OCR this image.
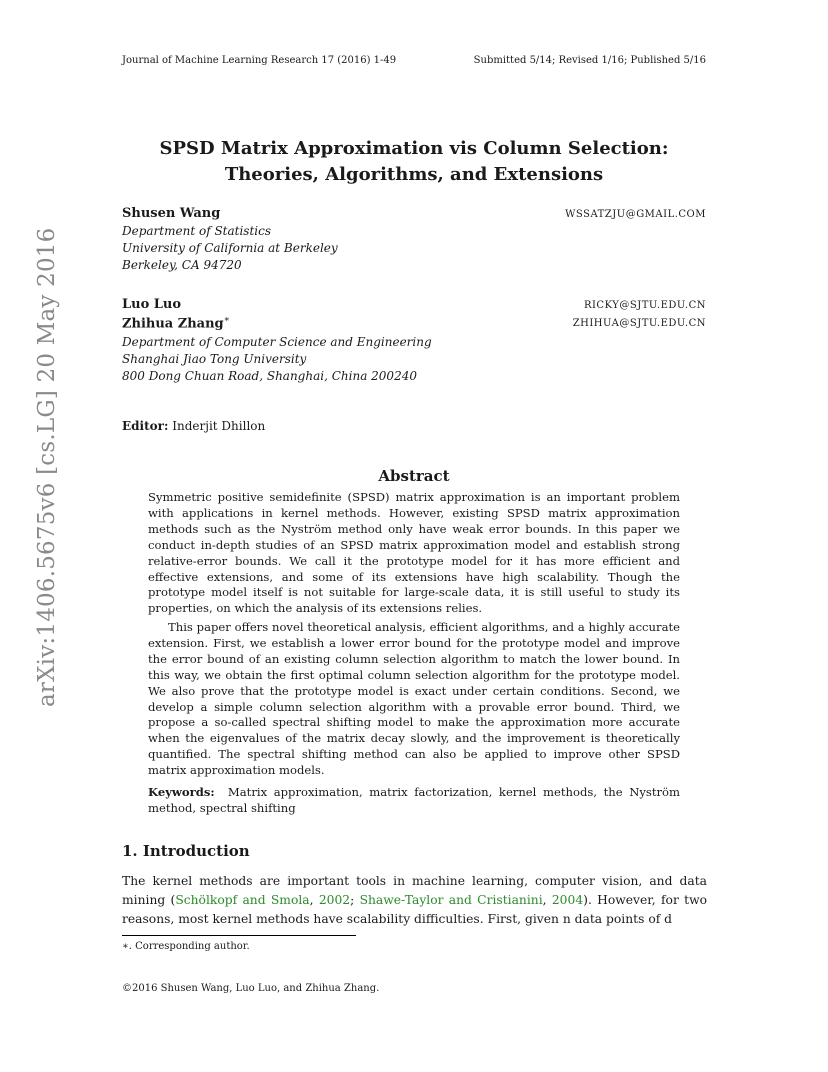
Journal of Machine Learning Research 17 (2016) 1-49	Submitted 5/14; Revised 1/16; Published 5/16
arXiv:1406.5675v6 [cs.LG] 20 May 2016
SPSD Matrix Approximation vis Column Selection:
Theories, Algorithms, and Extensions
Shusen Wang	WSSATZJU@GMAIL.COM
Department of Statistics
University of California at Berkeley
Berkeley, CA 94720
Luo Luo	RICKY@SJTU.EDU.CN
Zhihua Zhang∗	ZHIHUA@SJTU.EDU.CN
Department of Computer Science and Engineering
Shanghai Jiao Tong University
800 Dong Chuan Road, Shanghai, China 200240
Editor: Inderjit Dhillon
Abstract
Symmetric positive semidefinite (SPSD) matrix approximation is an important problem with applications in kernel methods. However, existing SPSD matrix approximation methods such as the Nyström method only have weak error bounds. In this paper we conduct in-depth studies of an SPSD matrix approximation model and establish strong relative-error bounds. We call it the prototype model for it has more efficient and effective extensions, and some of its extensions have high scalability. Though the prototype model itself is not suitable for large-scale data, it is still useful to study its properties, on which the analysis of its extensions relies.
This paper offers novel theoretical analysis, efficient algorithms, and a highly accurate extension. First, we establish a lower error bound for the prototype model and improve the error bound of an existing column selection algorithm to match the lower bound. In this way, we obtain the first optimal column selection algorithm for the prototype model. We also prove that the prototype model is exact under certain conditions. Second, we develop a simple column selection algorithm with a provable error bound. Third, we propose a so-called spectral shifting model to make the approximation more accurate when the eigenvalues of the matrix decay slowly, and the improvement is theoretically quantified. The spectral shifting method can also be applied to improve other SPSD matrix approximation models.
Keywords: Matrix approximation, matrix factorization, kernel methods, the Nyström method, spectral shifting
1. Introduction
The kernel methods are important tools in machine learning, computer vision, and data mining (Schölkopf and Smola, 2002; Shawe-Taylor and Cristianini, 2004). However, for two reasons, most kernel methods have scalability difficulties. First, given n data points of d
∗. Corresponding author.
©2016 Shusen Wang, Luo Luo, and Zhihua Zhang.
